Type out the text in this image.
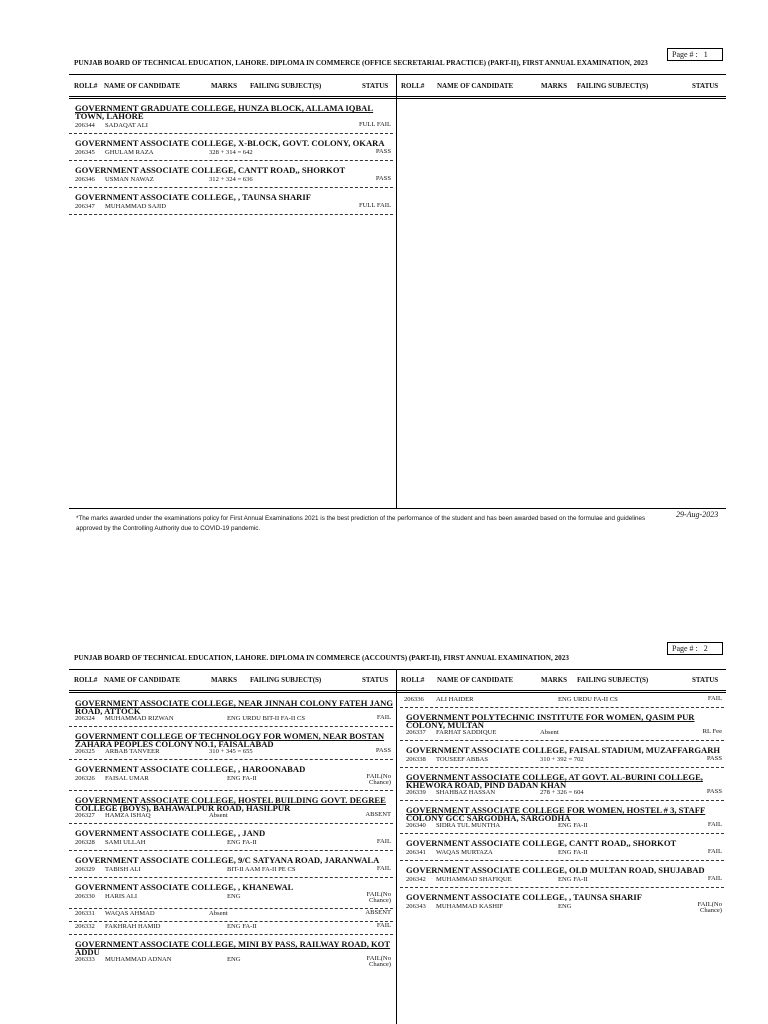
Page # :   1
PUNJAB BOARD OF TECHNICAL EDUCATION, LAHORE. DIPLOMA IN COMMERCE (OFFICE SECRETARIAL PRACTICE) (PART-II), FIRST ANNUAL EXAMINATION, 2023
ROLL# NAME OF CANDIDATE	MARKS FAILING SUBJECT(S)	STATUS ROLL# NAME OF CANDIDATE	MARKS FAILING SUBJECT(S)	STATUS
GOVERNMENT GRADUATE COLLEGE, HUNZA BLOCK, ALLAMA IQBAL TOWN, LAHORE
206344 SADAQAT ALI	FULL FAIL
GOVERNMENT ASSOCIATE COLLEGE, X-BLOCK, GOVT. COLONY, OKARA
206345 GHULAM RAZA	328 + 314 = 642	PASS
GOVERNMENT ASSOCIATE COLLEGE, CANTT ROAD,, SHORKOT
206346 USMAN NAWAZ	312 + 324 = 636	PASS
GOVERNMENT ASSOCIATE COLLEGE, , TAUNSA SHARIF
206347 MUHAMMAD SAJID	FULL FAIL
*The marks awarded under the examinations policy for First Annual Examinations 2021 is the best prediction of the performance of the student and has been awarded based on the formulae and guidelines approved by the Controlling Authority due to COVID-19 pandemic.
29-Aug-2023
Page # :   2
PUNJAB BOARD OF TECHNICAL EDUCATION, LAHORE. DIPLOMA IN COMMERCE (ACCOUNTS) (PART-II), FIRST ANNUAL EXAMINATION, 2023
ROLL# NAME OF CANDIDATE	MARKS FAILING SUBJECT(S)	STATUS ROLL# NAME OF CANDIDATE	MARKS FAILING SUBJECT(S)	STATUS
GOVERNMENT ASSOCIATE COLLEGE, NEAR JINNAH COLONY FATEH JANG ROAD, ATTOCK
206324 MUHAMMAD RIZWAN	ENG URDU BIT-II FA-II CS	FAIL
GOVERNMENT COLLEGE OF TECHNOLOGY FOR WOMEN, NEAR BOSTAN ZAHARA PEOPLES COLONY NO.1, FAISALABAD
206325 ARBAB TANVEER	310 + 345 = 655	PASS
GOVERNMENT ASSOCIATE COLLEGE, , HAROONABAD
206326 FAISAL UMAR	ENG FA-II	FAIL(No Chance)
GOVERNMENT ASSOCIATE COLLEGE, HOSTEL BUILDING GOVT. DEGREE COLLEGE (BOYS), BAHAWALPUR ROAD, HASILPUR
206327 HAMZA ISHAQ	Absent	ABSENT
GOVERNMENT ASSOCIATE COLLEGE, , JAND
206328 SAMI ULLAH	ENG FA-II	FAIL
GOVERNMENT ASSOCIATE COLLEGE, 9/C SATYANA ROAD, JARANWALA
206329 TABISH ALI	BIT-II AAM FA-II PE CS	FAIL
GOVERNMENT ASSOCIATE COLLEGE, , KHANEWAL
206330 HARIS ALI	ENG	FAIL(No Chance)
206331 WAQAS AHMAD	Absent	ABSENT
206332 FAKHRAH HAMID	ENG FA-II	FAIL
GOVERNMENT ASSOCIATE COLLEGE, MINI BY PASS, RAILWAY ROAD, KOT ADDU
206333 MUHAMMAD ADNAN	ENG	FAIL(No Chance)
206336 ALI HAIDER	ENG URDU FA-II CS	FAIL
GOVERNMENT POLYTECHNIC INSTITUTE FOR WOMEN, QASIM PUR COLONY, MULTAN
206337 FARHAT SADDIQUE	Absent	RL Fee
GOVERNMENT ASSOCIATE COLLEGE, FAISAL STADIUM, MUZAFFARGARH
206338 TOUSEEF ABBAS	310 + 392 = 702	PASS
GOVERNMENT ASSOCIATE COLLEGE, AT GOVT. AL-BURINI COLLEGE, KHEWORA ROAD, PIND DADAN KHAN
206339 SHAHBAZ HASSAN	278 + 326 = 604	PASS
GOVERNMENT ASSOCIATE COLLEGE FOR WOMEN, HOSTEL # 3, STAFF COLONY GCC SARGODHA, SARGODHA
206340 SIDRA TUL MUNTHA	ENG FA-II	FAIL
GOVERNMENT ASSOCIATE COLLEGE, CANTT ROAD,, SHORKOT
206341 WAQAS MURTAZA	ENG FA-II	FAIL
GOVERNMENT ASSOCIATE COLLEGE, OLD MULTAN ROAD, SHUJABAD
206342 MUHAMMAD SHAFIQUE	ENG FA-II	FAIL
GOVERNMENT ASSOCIATE COLLEGE, , TAUNSA SHARIF
206343 MUHAMMAD KASHIF	ENG	FAIL(No Chance)
